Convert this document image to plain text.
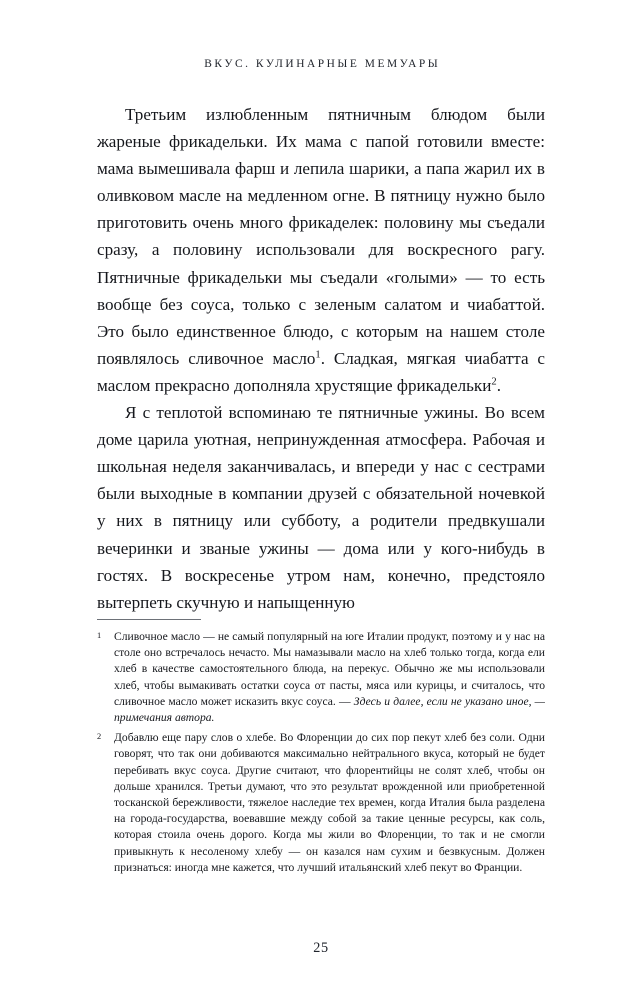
ВКУС. КУЛИНАРНЫЕ МЕМУАРЫ

Третьим излюбленным пятничным блюдом были жареные фрикадельки. Их мама с папой готовили вместе: мама вымешивала фарш и лепила шарики, а папа жарил их в оливковом масле на медленном огне. В пятницу нужно было приготовить очень много фрикаделек: половину мы съедали сразу, а половину использовали для воскресного рагу. Пятничные фрикадельки мы съедали «голыми» — то есть вообще без соуса, только с зеленым салатом и чиабаттой. Это было единственное блюдо, с которым на нашем столе появлялось сливочное масло$^1$. Сладкая, мягкая чиабатта с маслом прекрасно дополняла хрустящие фрикадельки$^2$.

Я с теплотой вспоминаю те пятничные ужины. Во всем доме царила уютная, непринужденная атмосфера. Рабочая и школьная неделя заканчивалась, и впереди у нас с сестрами были выходные в компании друзей с обязательной ночевкой у них в пятницу или субботу, а родители предвкушали вечеринки и званые ужины — дома или у кого-нибудь в гостях. В воскресенье утром нам, конечно, предстояло вытерпеть скучную и напыщенную

1 Сливочное масло — не самый популярный на юге Италии продукт, поэтому и у нас на столе оно встречалось нечасто. Мы намазывали масло на хлеб только тогда, когда ели хлеб в качестве самостоятельного блюда, на перекус. Обычно же мы использовали хлеб, чтобы вымакивать остатки соуса от пасты, мяса или курицы, и считалось, что сливочное масло может исказить вкус соуса. — Здесь и далее, если не указано иное, — примечания автора.

2 Добавлю еще пару слов о хлебе. Во Флоренции до сих пор пекут хлеб без соли. Одни говорят, что так они добиваются максимально нейтрального вкуса, который не будет перебивать вкус соуса. Другие считают, что флорентийцы не солят хлеб, чтобы он дольше хранился. Третьи думают, что это результат врожденной или приобретенной тосканской бережливости, тяжелое наследие тех времен, когда Италия была разделена на города-государства, воевавшие между собой за такие ценные ресурсы, как соль, которая стоила очень дорого. Когда мы жили во Флоренции, то так и не смогли привыкнуть к несоленому хлебу — он казался нам сухим и безвкусным. Должен признаться: иногда мне кажется, что лучший итальянский хлеб пекут во Франции.

25
